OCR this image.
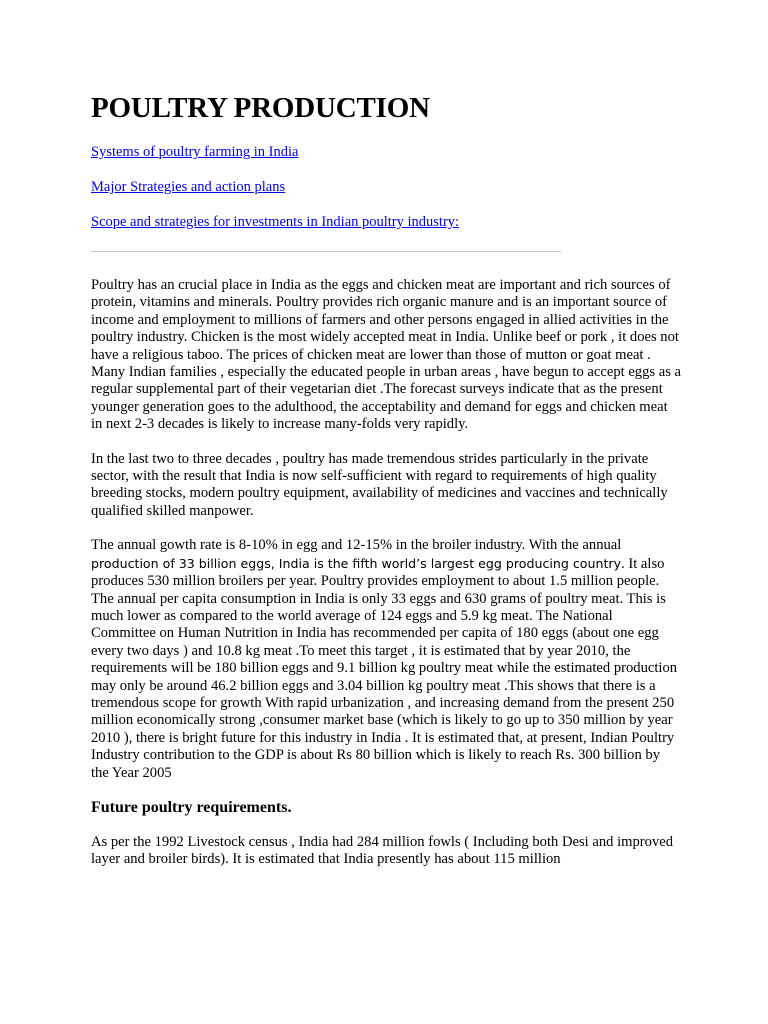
POULTRY PRODUCTION
Systems of poultry farming in India
Major Strategies and action plans
Scope and strategies for investments in Indian poultry industry:

Poultry has an crucial place in India as the eggs and chicken meat are important and rich sources of protein, vitamins and minerals. Poultry provides rich organic manure and is an important source of income and employment to millions of farmers and other persons engaged in allied activities in the poultry industry. Chicken is the most widely accepted meat in India. Unlike beef or pork , it does not have a religious taboo. The prices of chicken meat are lower than those of mutton or goat meat . Many Indian families , especially the educated people in urban areas , have begun to accept eggs as a regular supplemental part of their vegetarian diet .The forecast surveys indicate that as the present younger generation goes to the adulthood, the acceptability and demand for eggs and chicken meat in next 2-3 decades is likely to increase many-folds very rapidly.

In the last two to three decades , poultry has made tremendous strides particularly in the private sector, with the result that India is now self-sufficient with regard to requirements of high quality breeding stocks, modern poultry equipment, availability of medicines and vaccines and technically qualified skilled manpower.

The annual gowth rate is 8-10% in egg and 12-15% in the broiler industry. With the annual production of 33 billion eggs, India is the fifth world’s largest egg producing country. It also produces 530 million broilers per year. Poultry provides employment to about 1.5 million people. The annual per capita consumption in India is only 33 eggs and 630 grams of poultry meat. This is much lower as compared to the world average of 124 eggs and 5.9 kg meat. The National Committee on Human Nutrition in India has recommended per capita of 180 eggs (about one egg every two days ) and 10.8 kg meat .To meet this target , it is estimated that by year 2010, the requirements will be 180 billion eggs and 9.1 billion kg poultry meat while the estimated production may only be around 46.2 billion eggs and 3.04 billion kg poultry meat .This shows that there is a tremendous scope for growth With rapid urbanization , and increasing demand from the present 250 million economically strong ,consumer market base (which is likely to go up to 350 million by year 2010 ), there is bright future for this industry in India . It is estimated that, at present, Indian Poultry Industry contribution to the GDP is about Rs 80 billion which is likely to reach Rs. 300 billion by the Year 2005

Future poultry requirements.

As per the 1992 Livestock census , India had 284 million fowls ( Including both Desi and improved layer and broiler birds). It is estimated that India presently has about 115 million
